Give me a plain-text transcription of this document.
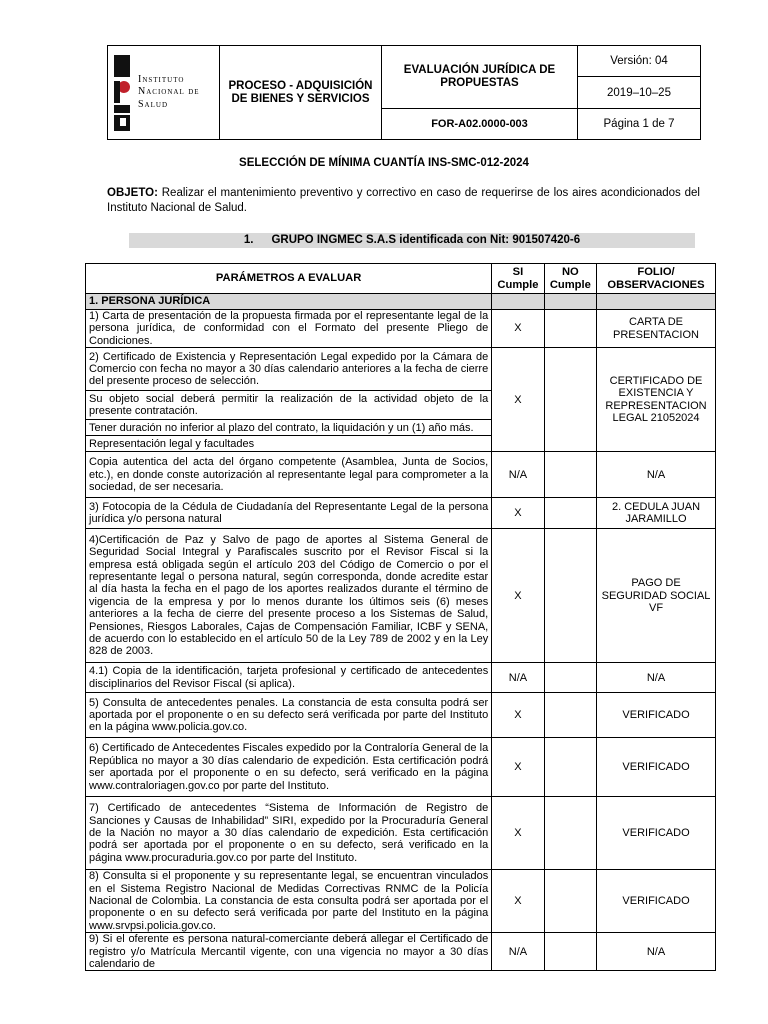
Instituto
Nacional de
Salud	PROCESO - ADQUISICIÓN DE BIENES Y SERVICIOS	EVALUACIÓN JURÍDICA DE PROPUESTAS	Versión: 04
			2019–10–25
		FOR-A02.0000-003	Página 1 de 7
SELECCIÓN DE MÍNIMA CUANTÍA INS-SMC-012-2024
OBJETO: Realizar el mantenimiento preventivo y correctivo en caso de requerirse de los aires acondicionados del Instituto Nacional de Salud.
1. GRUPO INGMEC S.A.S identificada con Nit: 901507420-6
PARÁMETROS A EVALUAR	SI Cumple	NO Cumple	FOLIO/ OBSERVACIONES
1. PERSONA JURÍDICA			
1) Carta de presentación de la propuesta firmada por el representante legal de la persona jurídica, de conformidad con el Formato del presente Pliego de Condiciones.	X		CARTA DE PRESENTACION
2) Certificado de Existencia y Representación Legal expedido por la Cámara de Comercio con fecha no mayor a 30 días calendario anteriores a la fecha de cierre del presente proceso de selección.	X		CERTIFICADO DE EXISTENCIA Y REPRESENTACION LEGAL 21052024
Su objeto social deberá permitir la realización de la actividad objeto de la presente contratación.			
Tener duración no inferior al plazo del contrato, la liquidación y un (1) año más.			
Representación legal y facultades			
Copia autentica del acta del órgano competente (Asamblea, Junta de Socios, etc.), en donde conste autorización al representante legal para comprometer a la sociedad, de ser necesaria.	N/A		N/A
3) Fotocopia de la Cédula de Ciudadanía del Representante Legal de la persona jurídica y/o persona natural	X		2. CEDULA JUAN JARAMILLO
4)Certificación de Paz y Salvo de pago de aportes al Sistema General de Seguridad Social Integral y Parafiscales suscrito por el Revisor Fiscal si la empresa está obligada según el artículo 203 del Código de Comercio o por el representante legal o persona natural, según corresponda, donde acredite estar al día hasta la fecha en el pago de los aportes realizados durante el término de vigencia de la empresa y por lo menos durante los últimos seis (6) meses anteriores a la fecha de cierre del presente proceso a los Sistemas de Salud, Pensiones, Riesgos Laborales, Cajas de Compensación Familiar, ICBF y SENA, de acuerdo con lo establecido en el artículo 50 de la Ley 789 de 2002 y en la Ley 828 de 2003.	X		PAGO DE SEGURIDAD SOCIAL VF
4.1) Copia de la identificación, tarjeta profesional y certificado de antecedentes disciplinarios del Revisor Fiscal (si aplica).	N/A		N/A
5) Consulta de antecedentes penales. La constancia de esta consulta podrá ser aportada por el proponente o en su defecto será verificada por parte del Instituto en la página www.policia.gov.co.	X		VERIFICADO
6) Certificado de Antecedentes Fiscales expedido por la Contraloría General de la República no mayor a 30 días calendario de expedición. Esta certificación podrá ser aportada por el proponente o en su defecto, será verificado en la página www.contraloriagen.gov.co por parte del Instituto.	X		VERIFICADO
7) Certificado de antecedentes “Sistema de Información de Registro de Sanciones y Causas de Inhabilidad” SIRI, expedido por la Procuraduría General de la Nación no mayor a 30 días calendario de expedición. Esta certificación podrá ser aportada por el proponente o en su defecto, será verificado en la página www.procuraduria.gov.co por parte del Instituto.	X		VERIFICADO
8) Consulta si el proponente y su representante legal, se encuentran vinculados en el Sistema Registro Nacional de Medidas Correctivas RNMC de la Policía Nacional de Colombia. La constancia de esta consulta podrá ser aportada por el proponente o en su defecto será verificada por parte del Instituto en la página www.srvpsi.policia.gov.co.	X		VERIFICADO
9) Si el oferente es persona natural-comerciante deberá allegar el Certificado de registro y/o Matrícula Mercantil vigente, con una vigencia no mayor a 30 días calendario de	N/A		N/A
